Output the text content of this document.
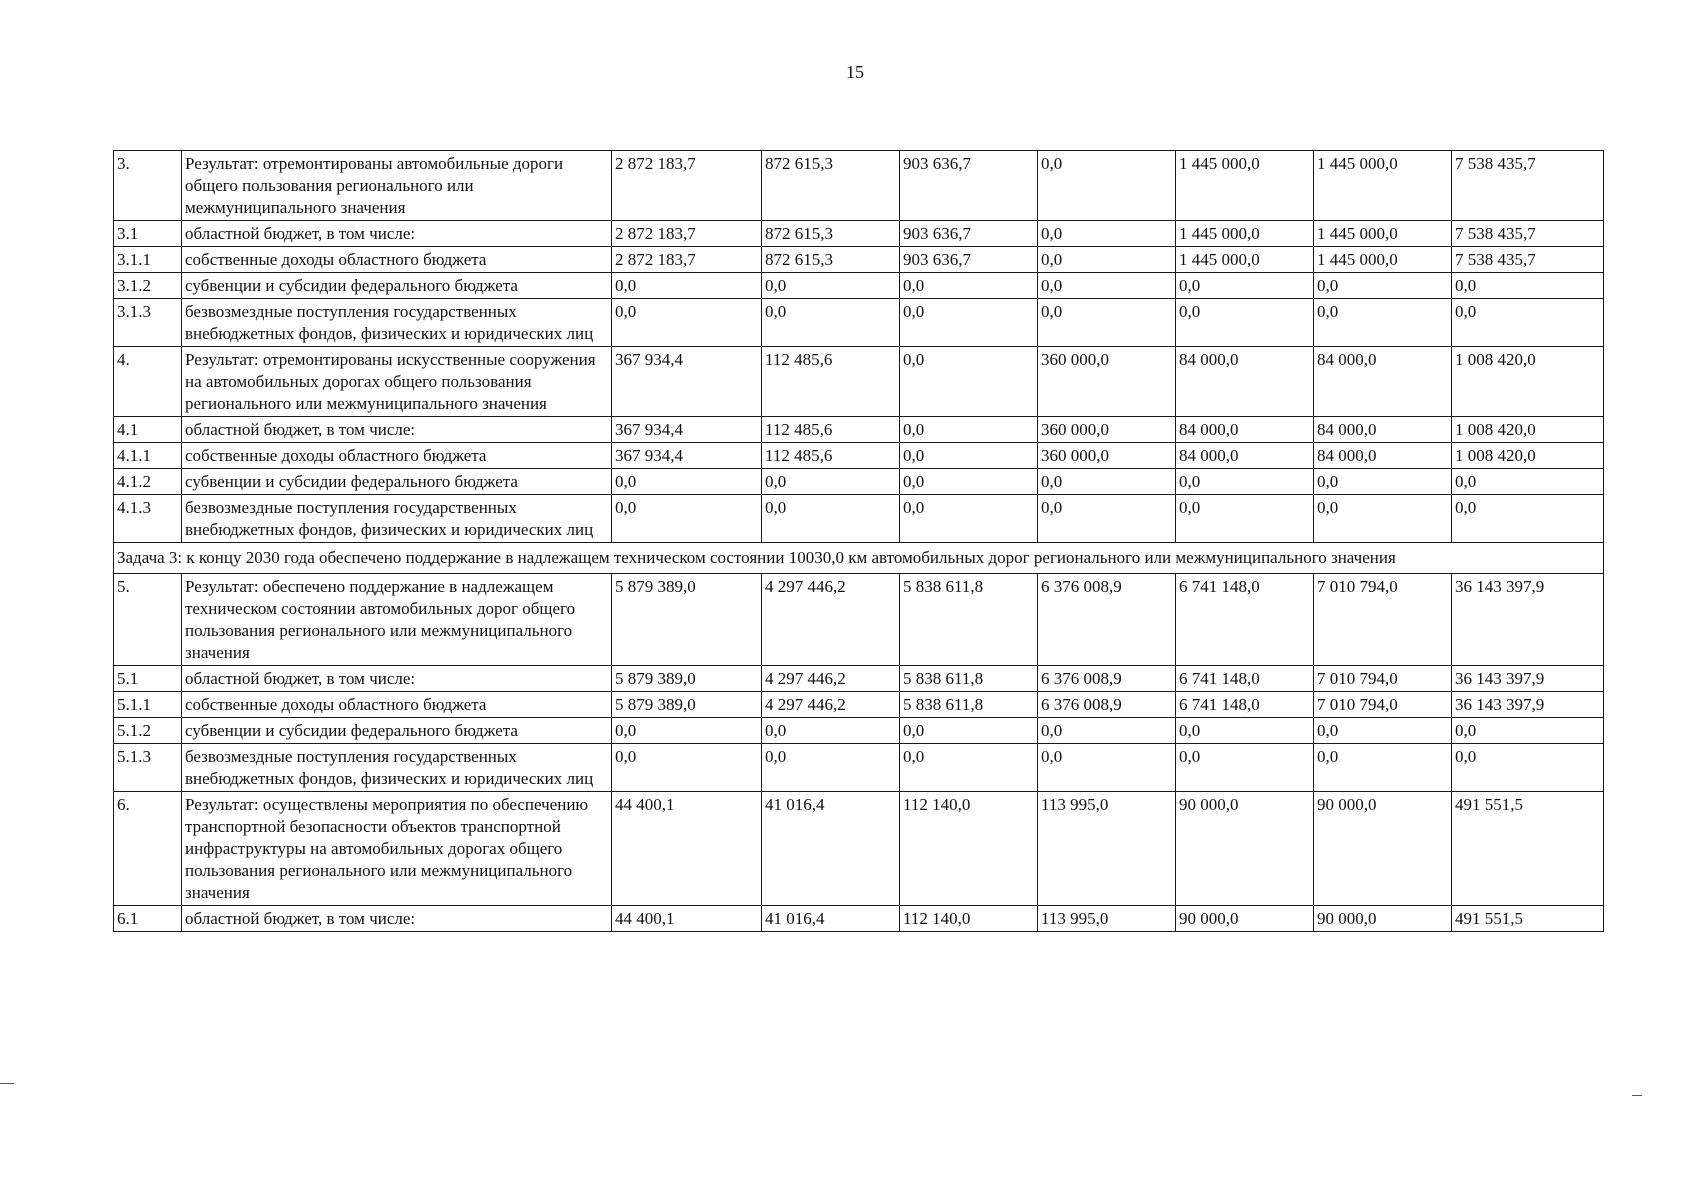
15
3.	Результат: отремонтированы автомобильные дороги общего пользования регионального или межмуниципального значения	2 872 183,7	872 615,3	903 636,7	0,0	1 445 000,0	1 445 000,0	7 538 435,7
3.1	областной бюджет, в том числе:	2 872 183,7	872 615,3	903 636,7	0,0	1 445 000,0	1 445 000,0	7 538 435,7
3.1.1	собственные доходы областного бюджета	2 872 183,7	872 615,3	903 636,7	0,0	1 445 000,0	1 445 000,0	7 538 435,7
3.1.2	субвенции и субсидии федерального бюджета	0,0	0,0	0,0	0,0	0,0	0,0	0,0
3.1.3	безвозмездные поступления государственных внебюджетных фондов, физических и юридических лиц	0,0	0,0	0,0	0,0	0,0	0,0	0,0
4.	Результат: отремонтированы искусственные сооружения на автомобильных дорогах общего пользования регионального или межмуниципального значения	367 934,4	112 485,6	0,0	360 000,0	84 000,0	84 000,0	1 008 420,0
4.1	областной бюджет, в том числе:	367 934,4	112 485,6	0,0	360 000,0	84 000,0	84 000,0	1 008 420,0
4.1.1	собственные доходы областного бюджета	367 934,4	112 485,6	0,0	360 000,0	84 000,0	84 000,0	1 008 420,0
4.1.2	субвенции и субсидии федерального бюджета	0,0	0,0	0,0	0,0	0,0	0,0	0,0
4.1.3	безвозмездные поступления государственных внебюджетных фондов, физических и юридических лиц	0,0	0,0	0,0	0,0	0,0	0,0	0,0
Задача 3: к концу 2030 года обеспечено поддержание в надлежащем техническом состоянии 10030,0 км автомобильных дорог регионального или межмуниципального значения								
5.	Результат: обеспечено поддержание в надлежащем техническом состоянии автомобильных дорог общего пользования регионального или межмуниципального значения	5 879 389,0	4 297 446,2	5 838 611,8	6 376 008,9	6 741 148,0	7 010 794,0	36 143 397,9
5.1	областной бюджет, в том числе:	5 879 389,0	4 297 446,2	5 838 611,8	6 376 008,9	6 741 148,0	7 010 794,0	36 143 397,9
5.1.1	собственные доходы областного бюджета	5 879 389,0	4 297 446,2	5 838 611,8	6 376 008,9	6 741 148,0	7 010 794,0	36 143 397,9
5.1.2	субвенции и субсидии федерального бюджета	0,0	0,0	0,0	0,0	0,0	0,0	0,0
5.1.3	безвозмездные поступления государственных внебюджетных фондов, физических и юридических лиц	0,0	0,0	0,0	0,0	0,0	0,0	0,0
6.	Результат: осуществлены мероприятия по обеспечению транспортной безопасности объектов транспортной инфраструктуры на автомобильных дорогах общего пользования регионального или межмуниципального значения	44 400,1	41 016,4	112 140,0	113 995,0	90 000,0	90 000,0	491 551,5
6.1	областной бюджет, в том числе:	44 400,1	41 016,4	112 140,0	113 995,0	90 000,0	90 000,0	491 551,5
